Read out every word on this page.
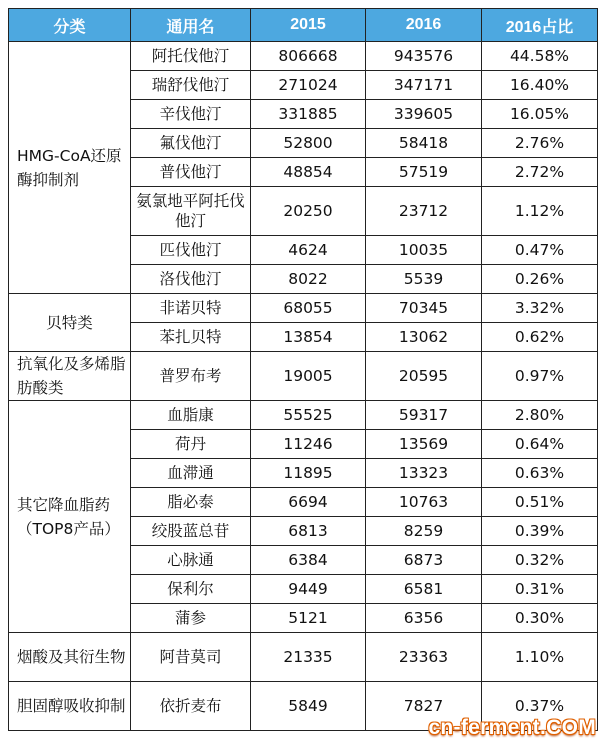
分类	通用名	2015	2016	2016占比
HMG-CoA还原酶抑制剂	阿托伐他汀	806668	943576	44.58%
	瑞舒伐他汀	271024	347171	16.40%
	辛伐他汀	331885	339605	16.05%
	氟伐他汀	52800	58418	2.76%
	普伐他汀	48854	57519	2.72%
	氨氯地平阿托伐他汀	20250	23712	1.12%
	匹伐他汀	4624	10035	0.47%
	洛伐他汀	8022	5539	0.26%
贝特类	非诺贝特	68055	70345	3.32%
	苯扎贝特	13854	13062	0.62%
抗氧化及多烯脂肪酸类	普罗布考	19005	20595	0.97%
其它降血脂药（TOP8产品）	血脂康	55525	59317	2.80%
	荷丹	11246	13569	0.64%
	血滞通	11895	13323	0.63%
	脂必泰	6694	10763	0.51%
	绞股蓝总苷	6813	8259	0.39%
	心脉通	6384	6873	0.32%
	保利尔	9449	6581	0.31%
	蒲参	5121	6356	0.30%
烟酸及其衍生物	阿昔莫司	21335	23363	1.10%
胆固醇吸收抑制	依折麦布	5849	7827	0.37%
cn-ferment.COM
